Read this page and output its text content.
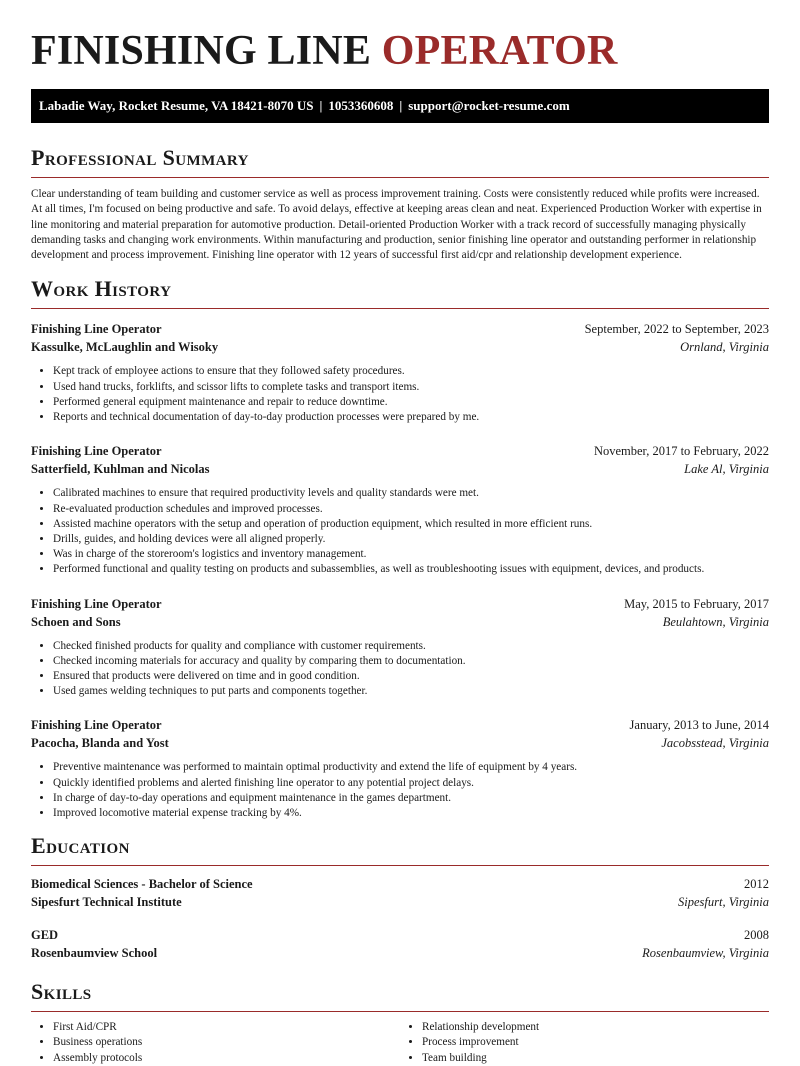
FINISHING LINE OPERATOR
Labadie Way, Rocket Resume, VA 18421-8070 US | 1053360608 | support@rocket-resume.com
Professional Summary

Clear understanding of team building and customer service as well as process improvement training. Costs were consistently reduced while profits were increased. At all times, I'm focused on being productive and safe. To avoid delays, effective at keeping areas clean and neat. Experienced Production Worker with expertise in line monitoring and material preparation for automotive production. Detail-oriented Production Worker with a track record of successfully managing physically demanding tasks and changing work environments. Within manufacturing and production, senior finishing line operator and outstanding performer in relationship development and process improvement. Finishing line operator with 12 years of successful first aid/cpr and relationship development experience.

Work History
Finishing Line Operator	September, 2022 to September, 2023
Kassulke, McLaughlin and Wisoky	Ornland, Virginia
• Kept track of employee actions to ensure that they followed safety procedures.
• Used hand trucks, forklifts, and scissor lifts to complete tasks and transport items.
• Performed general equipment maintenance and repair to reduce downtime.
• Reports and technical documentation of day-to-day production processes were prepared by me.
Finishing Line Operator	November, 2017 to February, 2022
Satterfield, Kuhlman and Nicolas	Lake Al, Virginia
• Calibrated machines to ensure that required productivity levels and quality standards were met.
• Re-evaluated production schedules and improved processes.
• Assisted machine operators with the setup and operation of production equipment, which resulted in more efficient runs.
• Drills, guides, and holding devices were all aligned properly.
• Was in charge of the storeroom's logistics and inventory management.
• Performed functional and quality testing on products and subassemblies, as well as troubleshooting issues with equipment, devices, and products.
Finishing Line Operator	May, 2015 to February, 2017
Schoen and Sons	Beulahtown, Virginia
• Checked finished products for quality and compliance with customer requirements.
• Checked incoming materials for accuracy and quality by comparing them to documentation.
• Ensured that products were delivered on time and in good condition.
• Used games welding techniques to put parts and components together.
Finishing Line Operator	January, 2013 to June, 2014
Pacocha, Blanda and Yost	Jacobsstead, Virginia
• Preventive maintenance was performed to maintain optimal productivity and extend the life of equipment by 4 years.
• Quickly identified problems and alerted finishing line operator to any potential project delays.
• In charge of day-to-day operations and equipment maintenance in the games department.
• Improved locomotive material expense tracking by 4%.
Education
Biomedical Sciences - Bachelor of Science	2012
Sipesfurt Technical Institute	Sipesfurt, Virginia
GED	2008
Rosenbaumview School	Rosenbaumview, Virginia
Skills
• First Aid/CPR
• Business operations
• Assembly protocols
• Relationship development
• Process improvement
• Team building
